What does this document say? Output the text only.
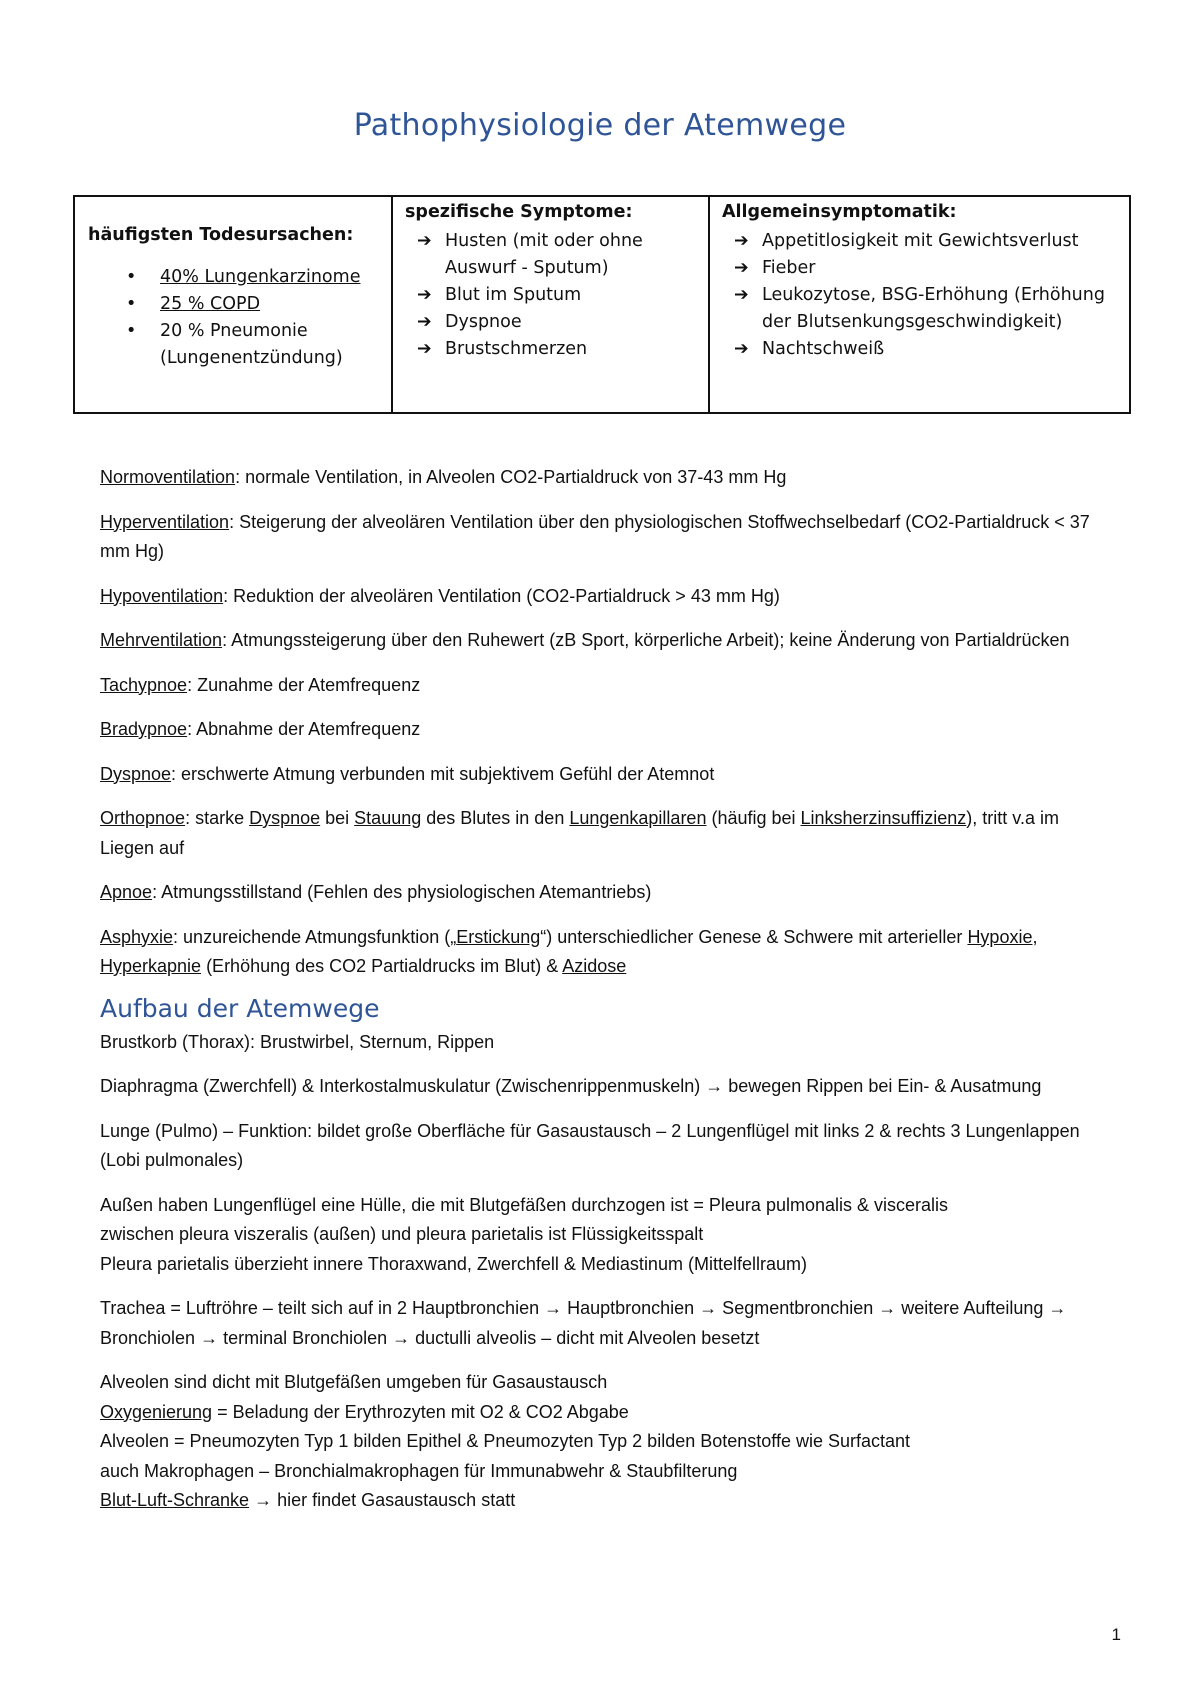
Pathophysiologie der Atemwege
häufigsten Todesursachen:
• 40% Lungenkarzinome
• 25 % COPD
• 20 % Pneumonie (Lungenentzündung)
spezifische Symptome:
➔ Husten (mit oder ohne Auswurf - Sputum)
➔ Blut im Sputum
➔ Dyspnoe
➔ Brustschmerzen
Allgemeinsymptomatik:
➔ Appetitlosigkeit mit Gewichtsverlust
➔ Fieber
➔ Leukozytose, BSG-Erhöhung (Erhöhung der Blutsenkungsgeschwindigkeit)
➔ Nachtschweiß

Normoventilation: normale Ventilation, in Alveolen CO2-Partialdruck von 37-43 mm Hg

Hyperventilation: Steigerung der alveolären Ventilation über den physiologischen Stoffwechselbedarf (CO2-Partialdruck < 37 mm Hg)

Hypoventilation: Reduktion der alveolären Ventilation (CO2-Partialdruck > 43 mm Hg)

Mehrventilation: Atmungssteigerung über den Ruhewert (zB Sport, körperliche Arbeit); keine Änderung von Partialdrücken

Tachypnoe: Zunahme der Atemfrequenz

Bradypnoe: Abnahme der Atemfrequenz

Dyspnoe: erschwerte Atmung verbunden mit subjektivem Gefühl der Atemnot

Orthopnoe: starke Dyspnoe bei Stauung des Blutes in den Lungenkapillaren (häufig bei Linksherzinsuffizienz), tritt v.a im Liegen auf

Apnoe: Atmungsstillstand (Fehlen des physiologischen Atemantriebs)

Asphyxie: unzureichende Atmungsfunktion („Erstickung“) unterschiedlicher Genese & Schwere mit arterieller Hypoxie, Hyperkapnie (Erhöhung des CO2 Partialdrucks im Blut) & Azidose

Aufbau der Atemwege

Brustkorb (Thorax): Brustwirbel, Sternum, Rippen

Diaphragma (Zwerchfell) & Interkostalmuskulatur (Zwischenrippenmuskeln) → bewegen Rippen bei Ein- & Ausatmung

Lunge (Pulmo) – Funktion: bildet große Oberfläche für Gasaustausch – 2 Lungenflügel mit links 2 & rechts 3 Lungenlappen (Lobi pulmonales)

Außen haben Lungenflügel eine Hülle, die mit Blutgefäßen durchzogen ist = Pleura pulmonalis & visceralis
zwischen pleura viszeralis (außen) und pleura parietalis ist Flüssigkeitsspalt
Pleura parietalis überzieht innere Thoraxwand, Zwerchfell & Mediastinum (Mittelfellraum)

Trachea = Luftröhre – teilt sich auf in 2 Hauptbronchien → Hauptbronchien → Segmentbronchien → weitere Aufteilung → Bronchiolen → terminal Bronchiolen → ductulli alveolis – dicht mit Alveolen besetzt

Alveolen sind dicht mit Blutgefäßen umgeben für Gasaustausch
Oxygenierung = Beladung der Erythrozyten mit O2 & CO2 Abgabe
Alveolen = Pneumozyten Typ 1 bilden Epithel & Pneumozyten Typ 2 bilden Botenstoffe wie Surfactant
auch Makrophagen – Bronchialmakrophagen für Immunabwehr & Staubfilterung
Blut-Luft-Schranke → hier findet Gasaustausch statt
1
